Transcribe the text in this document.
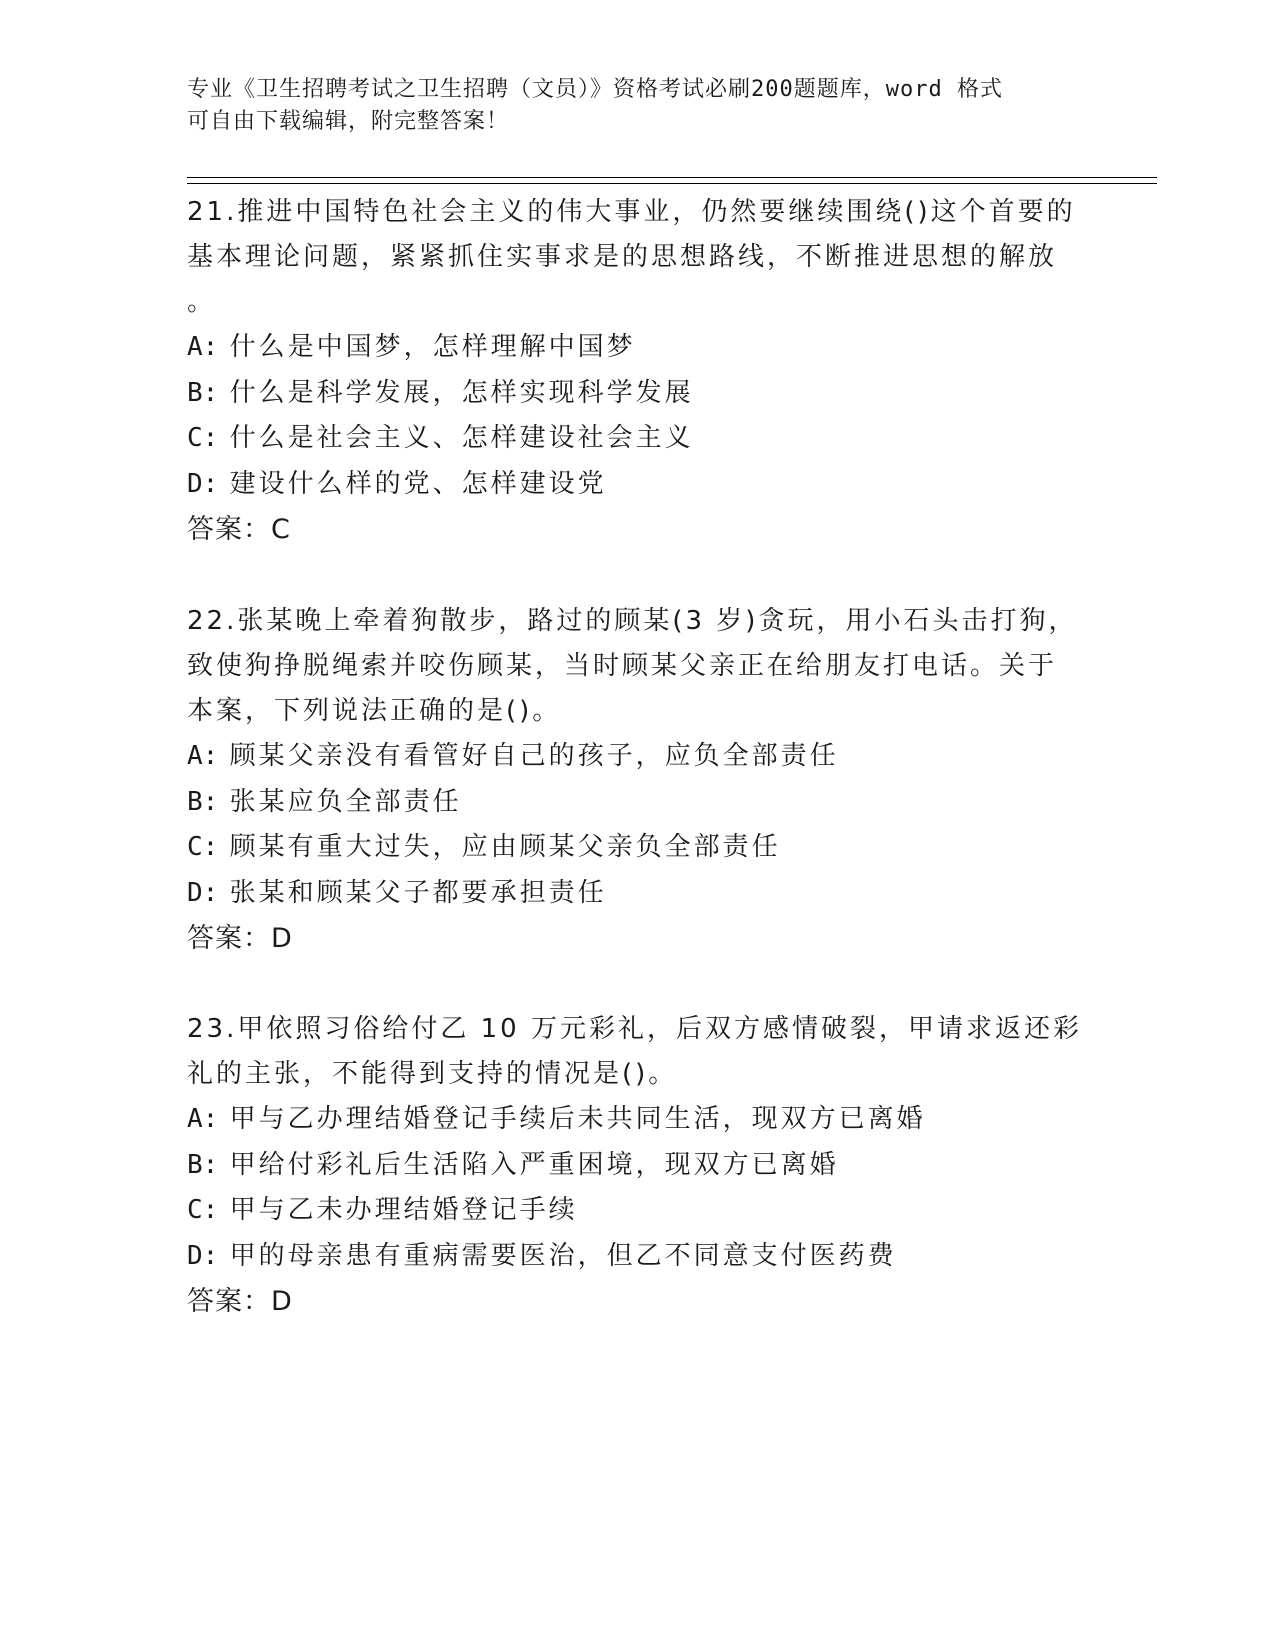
专业《卫生招聘考试之卫生招聘（文员）》资格考试必刷200题题库，word 格式
可自由下载编辑，附完整答案！

21.推进中国特色社会主义的伟大事业，仍然要继续围绕()这个首要的

基本理论问题，紧紧抓住实事求是的思想路线，不断推进思想的解放

。

A: 什么是中国梦，怎样理解中国梦

B: 什么是科学发展，怎样实现科学发展

C: 什么是社会主义、怎样建设社会主义

D: 建设什么样的党、怎样建设党

答案：C

22.张某晚上牵着狗散步，路过的顾某(3 岁)贪玩，用小石头击打狗，

致使狗挣脱绳索并咬伤顾某，当时顾某父亲正在给朋友打电话。关于

本案，下列说法正确的是()。

A: 顾某父亲没有看管好自己的孩子，应负全部责任

B: 张某应负全部责任

C: 顾某有重大过失，应由顾某父亲负全部责任

D: 张某和顾某父子都要承担责任

答案：D

23.甲依照习俗给付乙 10 万元彩礼，后双方感情破裂，甲请求返还彩

礼的主张，不能得到支持的情况是()。

A: 甲与乙办理结婚登记手续后未共同生活，现双方已离婚

B: 甲给付彩礼后生活陷入严重困境，现双方已离婚

C: 甲与乙未办理结婚登记手续

D: 甲的母亲患有重病需要医治，但乙不同意支付医药费

答案：D
